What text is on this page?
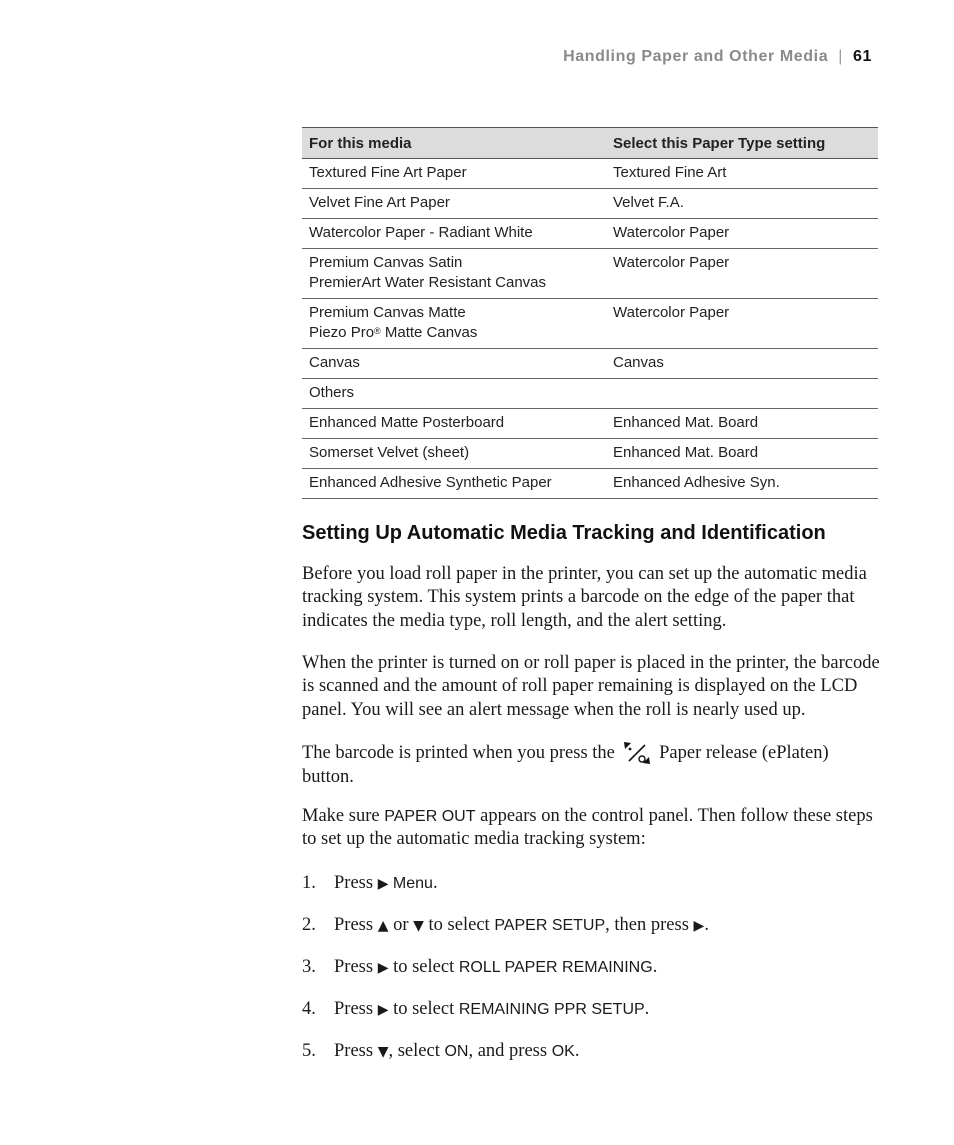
Handling Paper and Other Media | 61
For this media	Select this Paper Type setting

Textured Fine Art Paper	Textured Fine Art

Velvet Fine Art Paper	Velvet F.A.

Watercolor Paper - Radiant White	Watercolor Paper

Premium Canvas Satin
PremierArt Water Resistant Canvas	Watercolor Paper

Premium Canvas Matte
Piezo Pro® Matte Canvas	Watercolor Paper

Canvas	Canvas

Others	

Enhanced Matte Posterboard	Enhanced Mat. Board

Somerset Velvet (sheet)	Enhanced Mat. Board

Enhanced Adhesive Synthetic Paper	Enhanced Adhesive Syn.
Setting Up Automatic Media Tracking and Identification

Before you load roll paper in the printer, you can set up the automatic media tracking system. This system prints a barcode on the edge of the paper that indicates the media type, roll length, and the alert setting.

When the printer is turned on or roll paper is placed in the printer, the barcode is scanned and the amount of roll paper remaining is displayed on the LCD panel. You will see an alert message when the roll is nearly used up.

The barcode is printed when you press the Paper release (ePlaten) button.

Make sure PAPER OUT appears on the control panel. Then follow these steps to set up the automatic media tracking system:

1. Press ▶ Menu.
2. Press ▲ or ▼ to select PAPER SETUP, then press ▶.
3. Press ▶ to select ROLL PAPER REMAINING.
4. Press ▶ to select REMAINING PPR SETUP.
5. Press ▼, select ON, and press OK.
